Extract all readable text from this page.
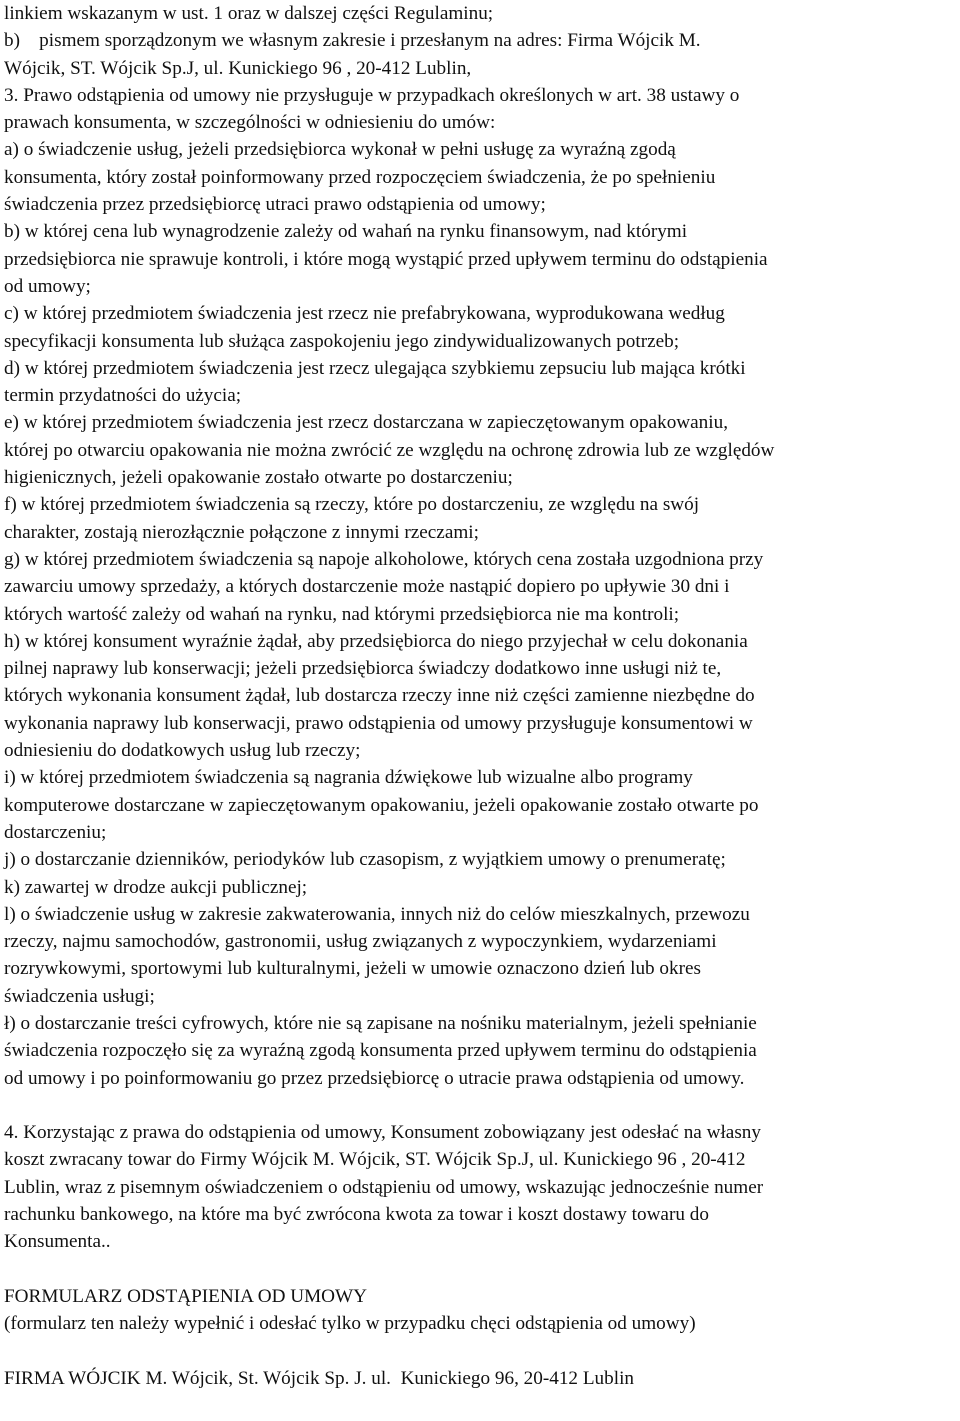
linkiem wskazanym w ust. 1 oraz w dalszej części Regulaminu;
b)    pismem sporządzonym we własnym zakresie i przesłanym na adres: Firma Wójcik M.
Wójcik, ST. Wójcik Sp.J, ul. Kunickiego 96 , 20-412 Lublin,
3. Prawo odstąpienia od umowy nie przysługuje w przypadkach określonych w art. 38 ustawy o
prawach konsumenta, w szczególności w odniesieniu do umów:
a) o świadczenie usług, jeżeli przedsiębiorca wykonał w pełni usługę za wyraźną zgodą
konsumenta, który został poinformowany przed rozpoczęciem świadczenia, że po spełnieniu
świadczenia przez przedsiębiorcę utraci prawo odstąpienia od umowy;
b) w której cena lub wynagrodzenie zależy od wahań na rynku finansowym, nad którymi
przedsiębiorca nie sprawuje kontroli, i które mogą wystąpić przed upływem terminu do odstąpienia
od umowy;
c) w której przedmiotem świadczenia jest rzecz nie prefabrykowana, wyprodukowana według
specyfikacji konsumenta lub służąca zaspokojeniu jego zindywidualizowanych potrzeb;
d) w której przedmiotem świadczenia jest rzecz ulegająca szybkiemu zepsuciu lub mająca krótki
termin przydatności do użycia;
e) w której przedmiotem świadczenia jest rzecz dostarczana w zapieczętowanym opakowaniu,
której po otwarciu opakowania nie można zwrócić ze względu na ochronę zdrowia lub ze względów
higienicznych, jeżeli opakowanie zostało otwarte po dostarczeniu;
f) w której przedmiotem świadczenia są rzeczy, które po dostarczeniu, ze względu na swój
charakter, zostają nierozłącznie połączone z innymi rzeczami;
g) w której przedmiotem świadczenia są napoje alkoholowe, których cena została uzgodniona przy
zawarciu umowy sprzedaży, a których dostarczenie może nastąpić dopiero po upływie 30 dni i
których wartość zależy od wahań na rynku, nad którymi przedsiębiorca nie ma kontroli;
h) w której konsument wyraźnie żądał, aby przedsiębiorca do niego przyjechał w celu dokonania
pilnej naprawy lub konserwacji; jeżeli przedsiębiorca świadczy dodatkowo inne usługi niż te,
których wykonania konsument żądał, lub dostarcza rzeczy inne niż części zamienne niezbędne do
wykonania naprawy lub konserwacji, prawo odstąpienia od umowy przysługuje konsumentowi w
odniesieniu do dodatkowych usług lub rzeczy;
i) w której przedmiotem świadczenia są nagrania dźwiękowe lub wizualne albo programy
komputerowe dostarczane w zapieczętowanym opakowaniu, jeżeli opakowanie zostało otwarte po
dostarczeniu;
j) o dostarczanie dzienników, periodyków lub czasopism, z wyjątkiem umowy o prenumeratę;
k) zawartej w drodze aukcji publicznej;
l) o świadczenie usług w zakresie zakwaterowania, innych niż do celów mieszkalnych, przewozu
rzeczy, najmu samochodów, gastronomii, usług związanych z wypoczynkiem, wydarzeniami
rozrywkowymi, sportowymi lub kulturalnymi, jeżeli w umowie oznaczono dzień lub okres
świadczenia usługi;
ł) o dostarczanie treści cyfrowych, które nie są zapisane na nośniku materialnym, jeżeli spełnianie
świadczenia rozpoczęło się za wyraźną zgodą konsumenta przed upływem terminu do odstąpienia
od umowy i po poinformowaniu go przez przedsiębiorcę o utracie prawa odstąpienia od umowy.
4. Korzystając z prawa do odstąpienia od umowy, Konsument zobowiązany jest odesłać na własny
koszt zwracany towar do Firmy Wójcik M. Wójcik, ST. Wójcik Sp.J, ul. Kunickiego 96 , 20-412
Lublin, wraz z pisemnym oświadczeniem o odstąpieniu od umowy, wskazując jednocześnie numer
rachunku bankowego, na które ma być zwrócona kwota za towar i koszt dostawy towaru do
Konsumenta..
FORMULARZ ODSTĄPIENIA OD UMOWY
(formularz ten należy wypełnić i odesłać tylko w przypadku chęci odstąpienia od umowy)
FIRMA WÓJCIK M. Wójcik, St. Wójcik Sp. J. ul.  Kunickiego 96, 20-412 Lublin
